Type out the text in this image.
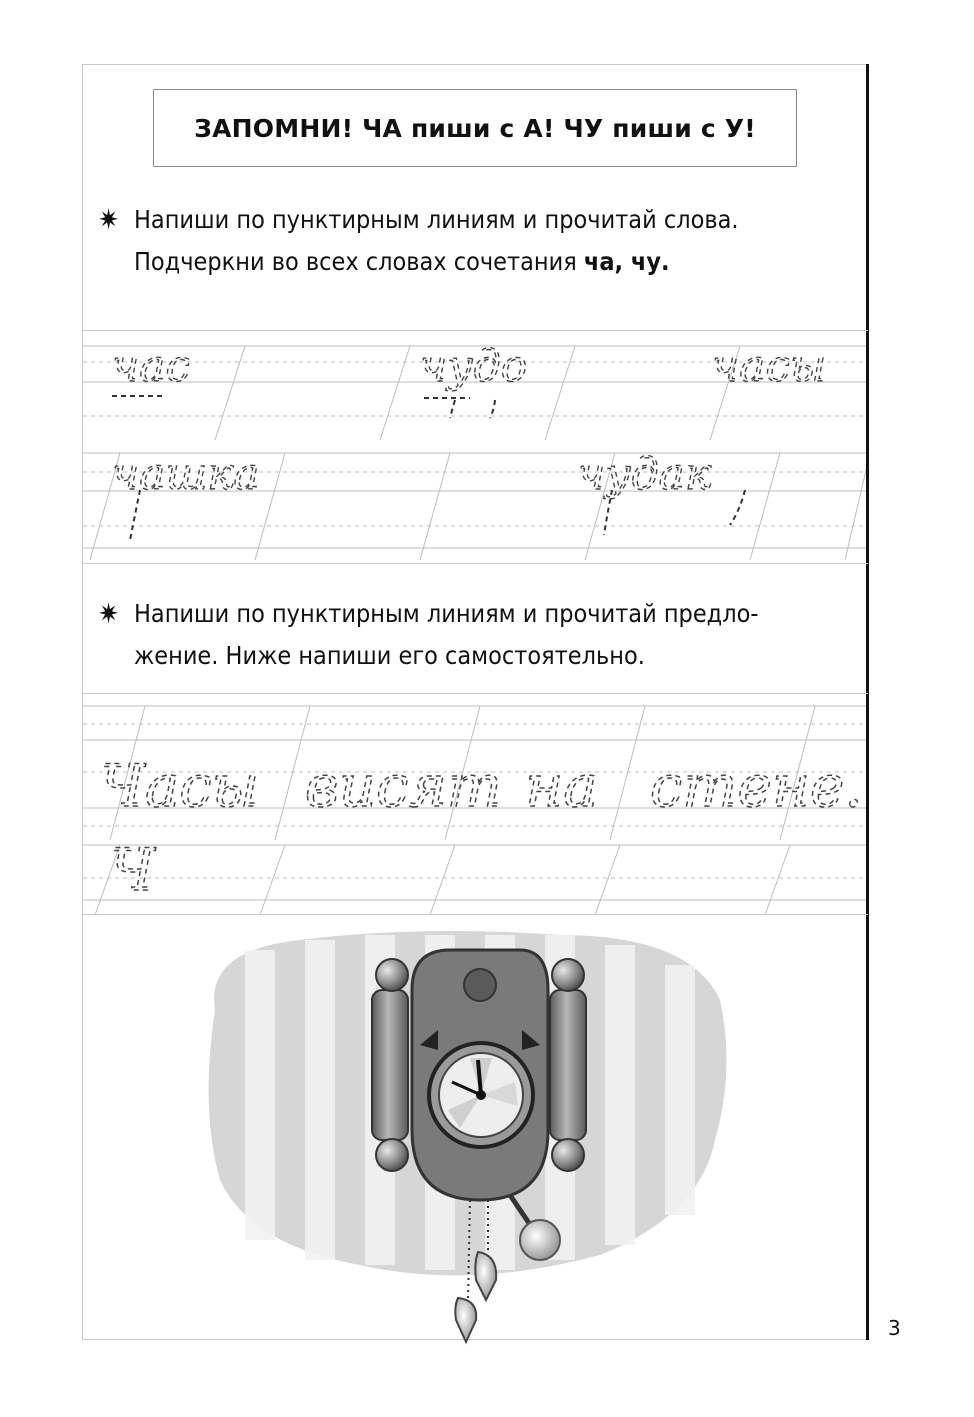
ЗАПОМНИ! ЧА пиши с А! ЧУ пиши с У!
✷ Напиши по пунктирным линиям и прочитай слова.
Подчеркни во всех словах сочетания ча, чу.
✷ Напиши по пунктирным линиям и прочитай предло-
жение. Ниже напиши его самостоятельно.
час	чудо	часы
чашка	чудак
Часы висят на стене.
Ч
3
